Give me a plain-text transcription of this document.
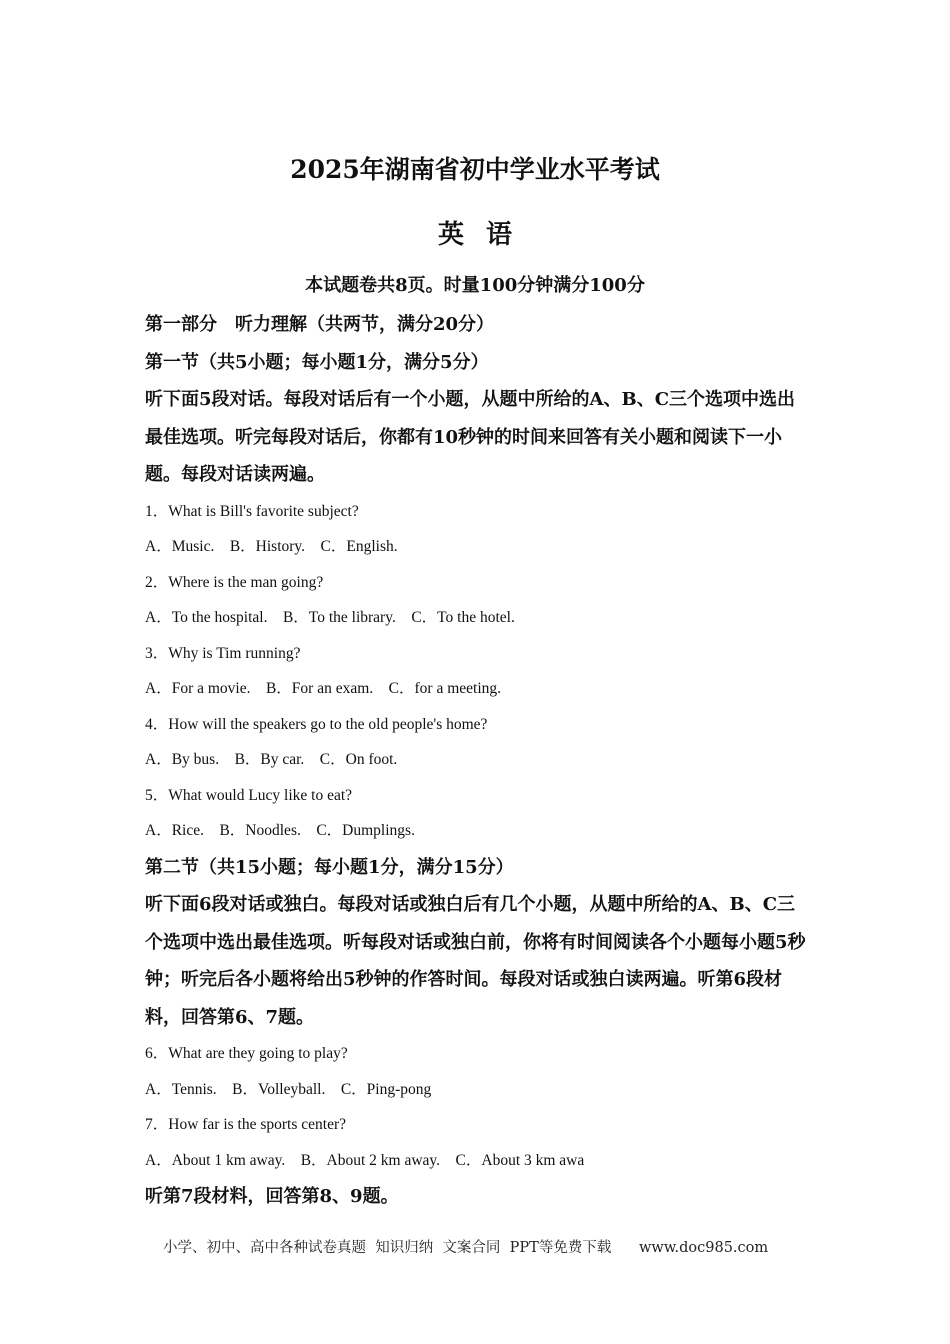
2025年湖南省初中学业水平考试
英语
本试题卷共8页。时量100分钟满分100分

第一部分　听力理解（共两节，满分20分）

第一节（共5小题；每小题1分，满分5分）

听下面5段对话。每段对话后有一个小题，从题中所给的A、B、C三个选项中选出最佳选项。听完每段对话后，你都有10秒钟的时间来回答有关小题和阅读下一小题。每段对话读两遍。

1．What is Bill's favorite subject?

A．Music.    B．History.    C．English.

2．Where is the man going?

A．To the hospital.    B．To the library.    C．To the hotel.

3．Why is Tim running?

A．For a movie.    B．For an exam.    C．for a meeting.

4．How will the speakers go to the old people's home?

A．By bus.    B．By car.    C．On foot.

5．What would Lucy like to eat?

A．Rice.    B．Noodles.    C．Dumplings.

第二节（共15小题；每小题1分，满分15分）

听下面6段对话或独白。每段对话或独白后有几个小题，从题中所给的A、B、C三个选项中选出最佳选项。听每段对话或独白前，你将有时间阅读各个小题每小题5秒钟；听完后各小题将给出5秒钟的作答时间。每段对话或独白读两遍。听第6段材料，回答第6、7题。

6．What are they going to play?

A．Tennis.    B．Volleyball.    C．Ping-pong

7．How far is the sports center?

A．About 1 km away.    B．About 2 km away.    C．About 3 km awa

听第7段材料，回答第8、9题。

小学、初中、高中各种试卷真题  知识归纳  文案合同  PPT等免费下载      www.doc985.com
